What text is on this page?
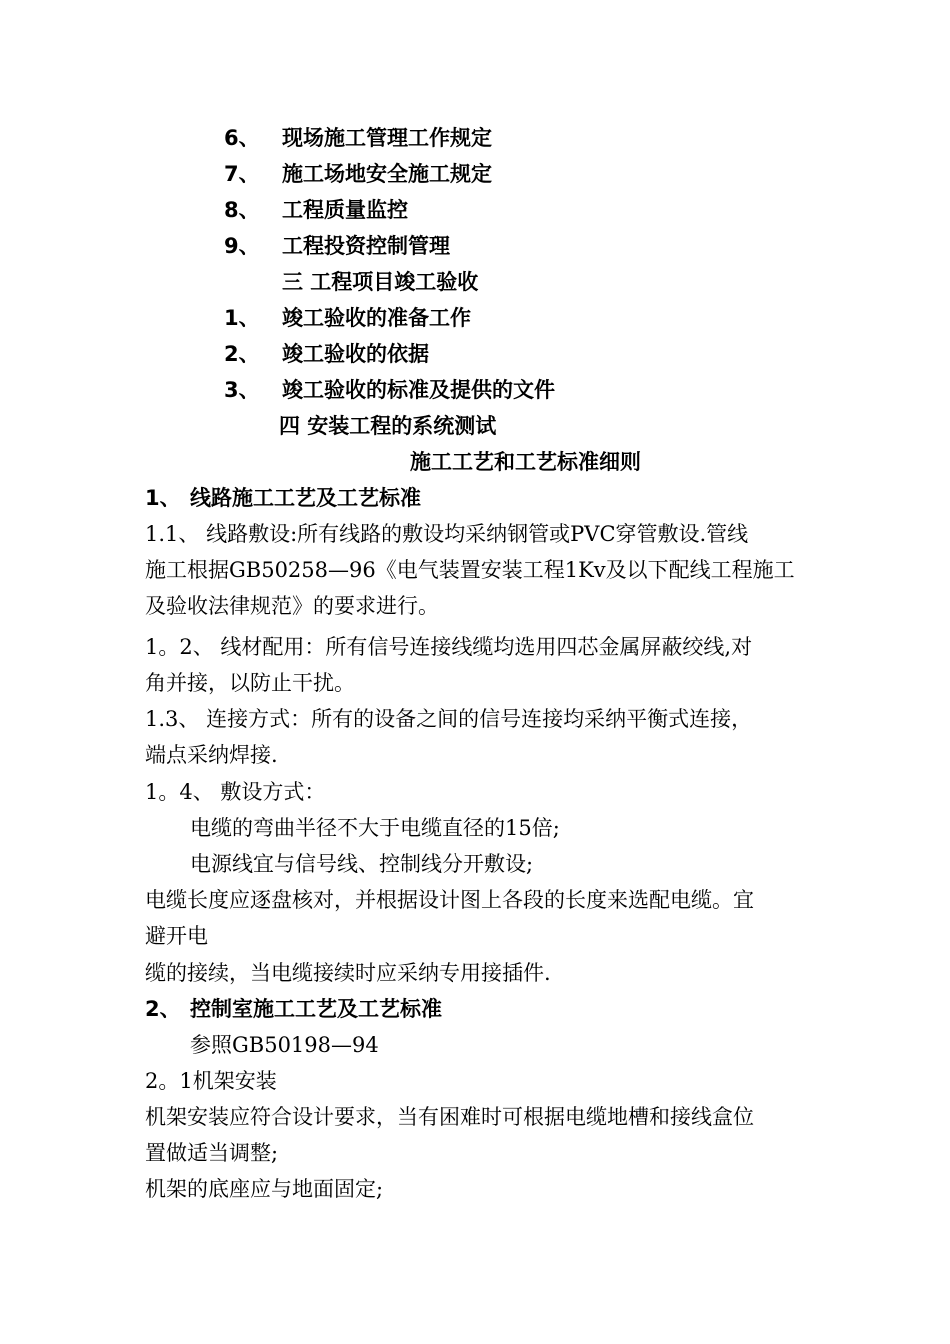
6、 现场施工管理工作规定
7、 施工场地安全施工规定
8、 工程质量监控
9、 工程投资控制管理
三 工程项目竣工验收
1、 竣工验收的准备工作
2、 竣工验收的依据
3、 竣工验收的标准及提供的文件
四 安装工程的系统测试
施工工艺和工艺标准细则
1、 线路施工工艺及工艺标准
1.1、 线路敷设:所有线路的敷设均采纳钢管或PVC穿管敷设.管线
施工根据GB50258—96《电气装置安装工程1Kv及以下配线工程施工
及验收法律规范》的要求进行。
1。2、 线材配用：所有信号连接线缆均选用四芯金属屏蔽绞线,对
角并接，以防止干扰。
1.3、 连接方式：所有的设备之间的信号连接均采纳平衡式连接，
端点采纳焊接.
1。4、 敷设方式：
电缆的弯曲半径不大于电缆直径的15倍;
电源线宜与信号线、控制线分开敷设;
电缆长度应逐盘核对，并根据设计图上各段的长度来选配电缆。宜
避开电
缆的接续，当电缆接续时应采纳专用接插件.
2、 控制室施工工艺及工艺标准
参照GB50198—94
2。1机架安装
机架安装应符合设计要求，当有困难时可根据电缆地槽和接线盒位
置做适当调整;
机架的底座应与地面固定;
